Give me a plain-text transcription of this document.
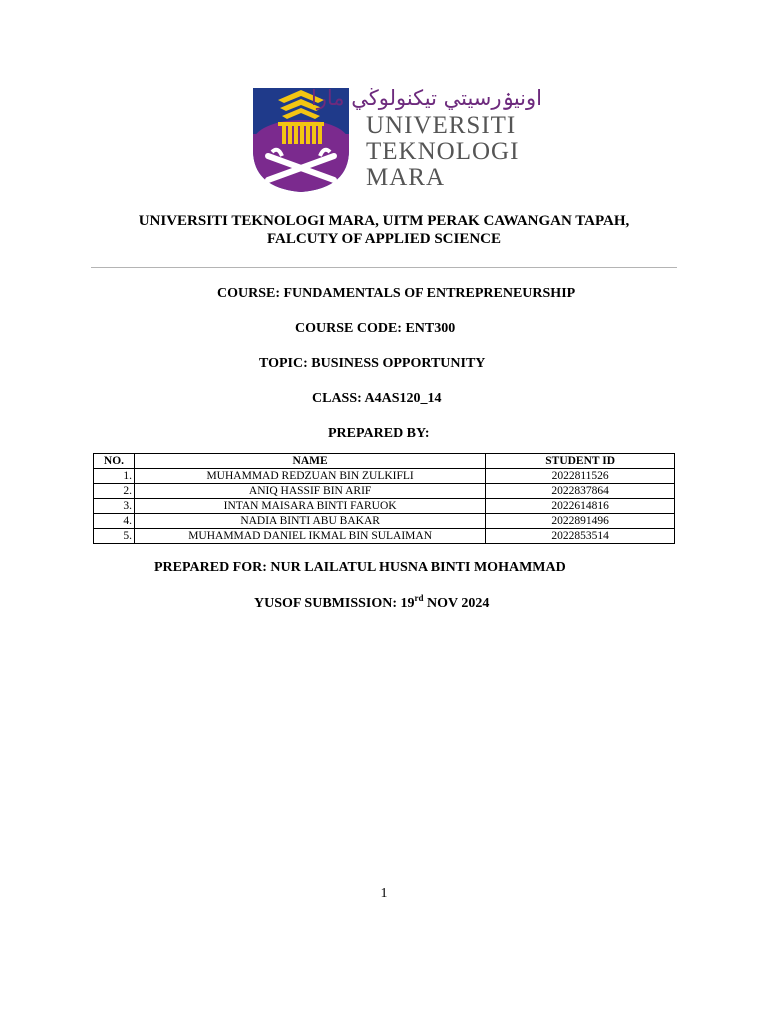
اونيۏرسيتي تيكنولوڬي مارا
UNIVERSITI
TEKNOLOGI
MARA
UNIVERSITI TEKNOLOGI MARA, UITM PERAK CAWANGAN TAPAH,
FALCUTY OF APPLIED SCIENCE
COURSE: FUNDAMENTALS OF ENTREPRENEURSHIP
COURSE CODE: ENT300
TOPIC: BUSINESS OPPORTUNITY
CLASS: A4AS120_14
PREPARED BY:
NO.	NAME	STUDENT ID
1.	MUHAMMAD REDZUAN BIN ZULKIFLI	2022811526
2.	ANIQ HASSIF BIN ARIF	2022837864
3.	INTAN MAISARA BINTI FARUOK	2022614816
4.	NADIA BINTI ABU BAKAR	2022891496
5.	MUHAMMAD DANIEL IKMAL BIN SULAIMAN	2022853514
PREPARED FOR: NUR LAILATUL HUSNA BINTI MOHAMMAD
YUSOF SUBMISSION: 19rd NOV 2024
1
